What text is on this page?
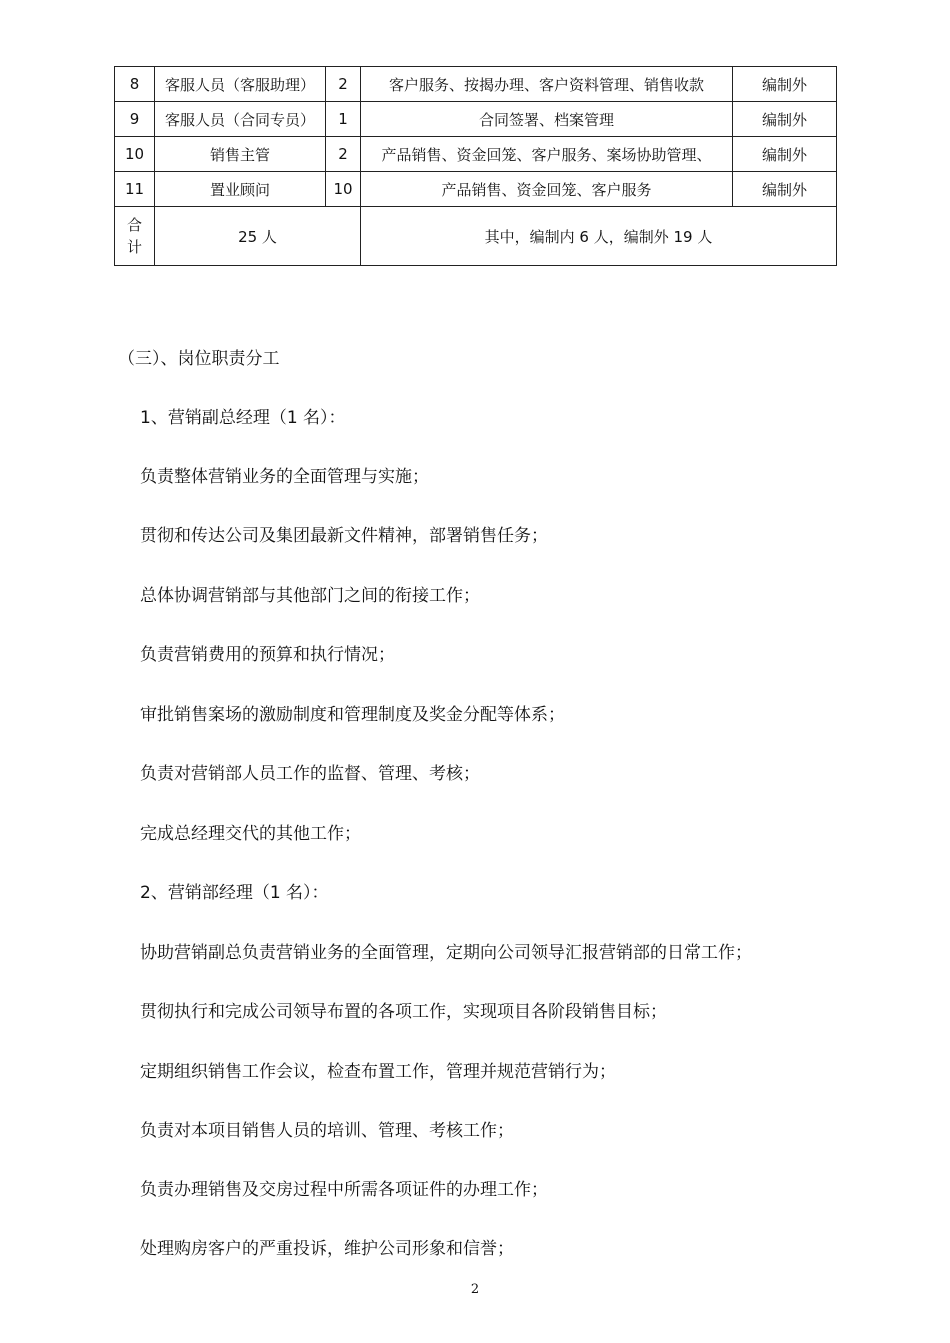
8	客服人员（客服助理）	2	客户服务、按揭办理、客户资料管理、销售收款	编制外
9	客服人员（合同专员）	1	合同签署、档案管理	编制外
10	销售主管	2	产品销售、资金回笼、客户服务、案场协助管理、	编制外
11	置业顾问	10	产品销售、资金回笼、客户服务	编制外
合计	25 人		其中，编制内 6 人，编制外 19 人	
（三）、岗位职责分工

1、营销副总经理（1 名）：

负责整体营销业务的全面管理与实施；

贯彻和传达公司及集团最新文件精神，部署销售任务；

总体协调营销部与其他部门之间的衔接工作；

负责营销费用的预算和执行情况；

审批销售案场的激励制度和管理制度及奖金分配等体系；

负责对营销部人员工作的监督、管理、考核；

完成总经理交代的其他工作；

2、营销部经理（1 名）：

协助营销副总负责营销业务的全面管理，定期向公司领导汇报营销部的日常工作；

贯彻执行和完成公司领导布置的各项工作，实现项目各阶段销售目标；

定期组织销售工作会议，检查布置工作，管理并规范营销行为；

负责对本项目销售人员的培训、管理、考核工作；

负责办理销售及交房过程中所需各项证件的办理工作；

处理购房客户的严重投诉，维护公司形象和信誉；

2
